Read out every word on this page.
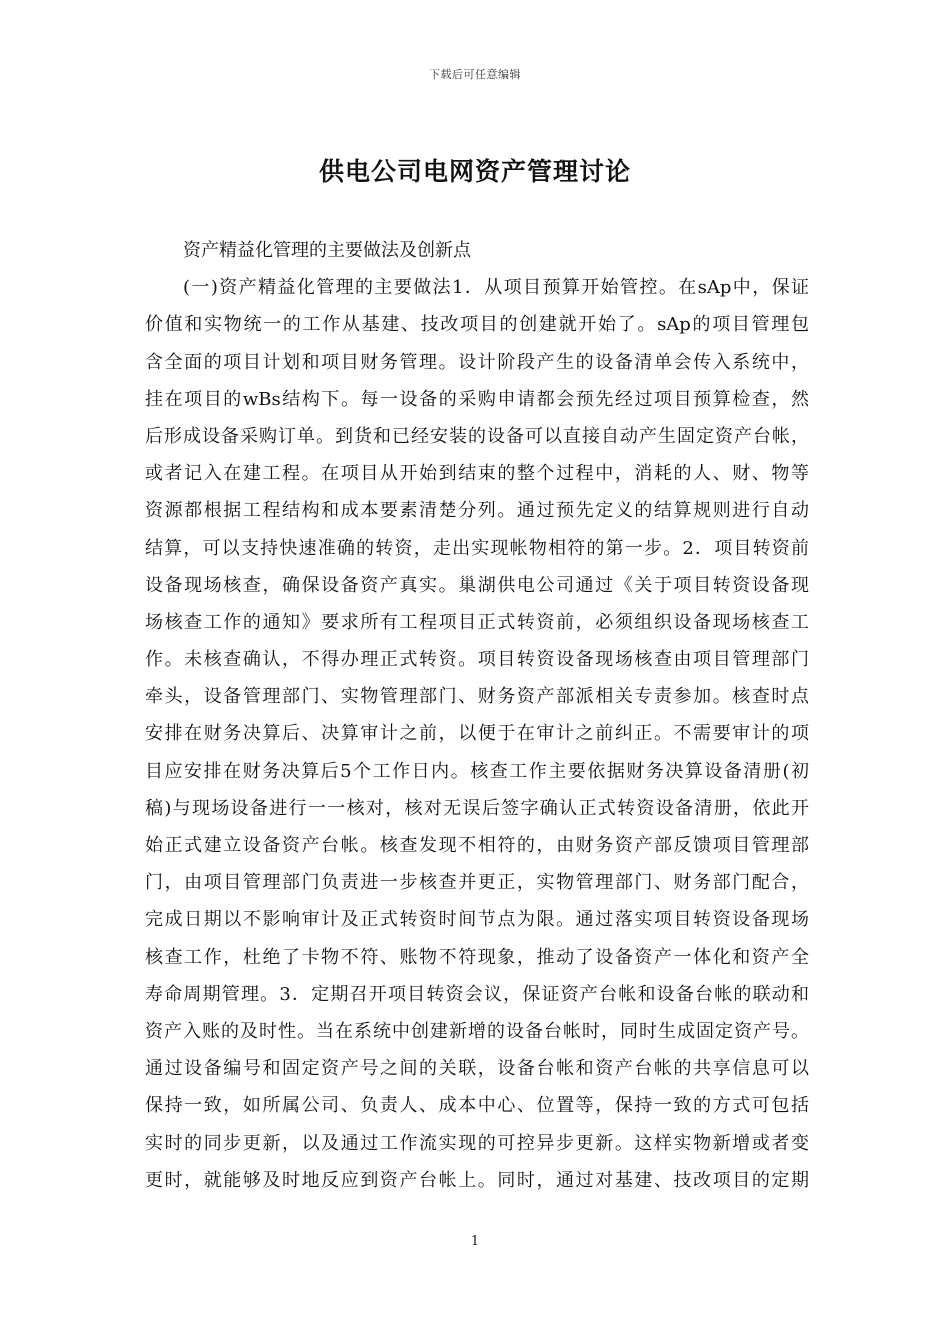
下载后可任意编辑
供电公司电网资产管理讨论
资产精益化管理的主要做法及创新点
(一)资产精益化管理的主要做法1．从项目预算开始管控。在sAp中，保证
价值和实物统一的工作从基建、技改项目的创建就开始了。sAp的项目管理包
含全面的项目计划和项目财务管理。设计阶段产生的设备清单会传入系统中，
挂在项目的wBs结构下。每一设备的采购申请都会预先经过项目预算检查，然
后形成设备采购订单。到货和已经安装的设备可以直接自动产生固定资产台帐，
或者记入在建工程。在项目从开始到结束的整个过程中，消耗的人、财、物等
资源都根据工程结构和成本要素清楚分列。通过预先定义的结算规则进行自动
结算，可以支持快速准确的转资，走出实现帐物相符的第一步。2．项目转资前
设备现场核查，确保设备资产真实。巢湖供电公司通过《关于项目转资设备现
场核查工作的通知》要求所有工程项目正式转资前，必须组织设备现场核查工
作。未核查确认，不得办理正式转资。项目转资设备现场核查由项目管理部门
牵头，设备管理部门、实物管理部门、财务资产部派相关专责参加。核查时点
安排在财务决算后、决算审计之前，以便于在审计之前纠正。不需要审计的项
目应安排在财务决算后5个工作日内。核查工作主要依据财务决算设备清册(初
稿)与现场设备进行一一核对，核对无误后签字确认正式转资设备清册，依此开
始正式建立设备资产台帐。核查发现不相符的，由财务资产部反馈项目管理部
门，由项目管理部门负责进一步核查并更正，实物管理部门、财务部门配合，
完成日期以不影响审计及正式转资时间节点为限。通过落实项目转资设备现场
核查工作，杜绝了卡物不符、账物不符现象，推动了设备资产一体化和资产全
寿命周期管理。3．定期召开项目转资会议，保证资产台帐和设备台帐的联动和
资产入账的及时性。当在系统中创建新增的设备台帐时，同时生成固定资产号。
通过设备编号和固定资产号之间的关联，设备台帐和资产台帐的共享信息可以
保持一致，如所属公司、负责人、成本中心、位置等，保持一致的方式可包括
实时的同步更新，以及通过工作流实现的可控异步更新。这样实物新增或者变
更时，就能够及时地反应到资产台帐上。同时，通过对基建、技改项目的定期
1
